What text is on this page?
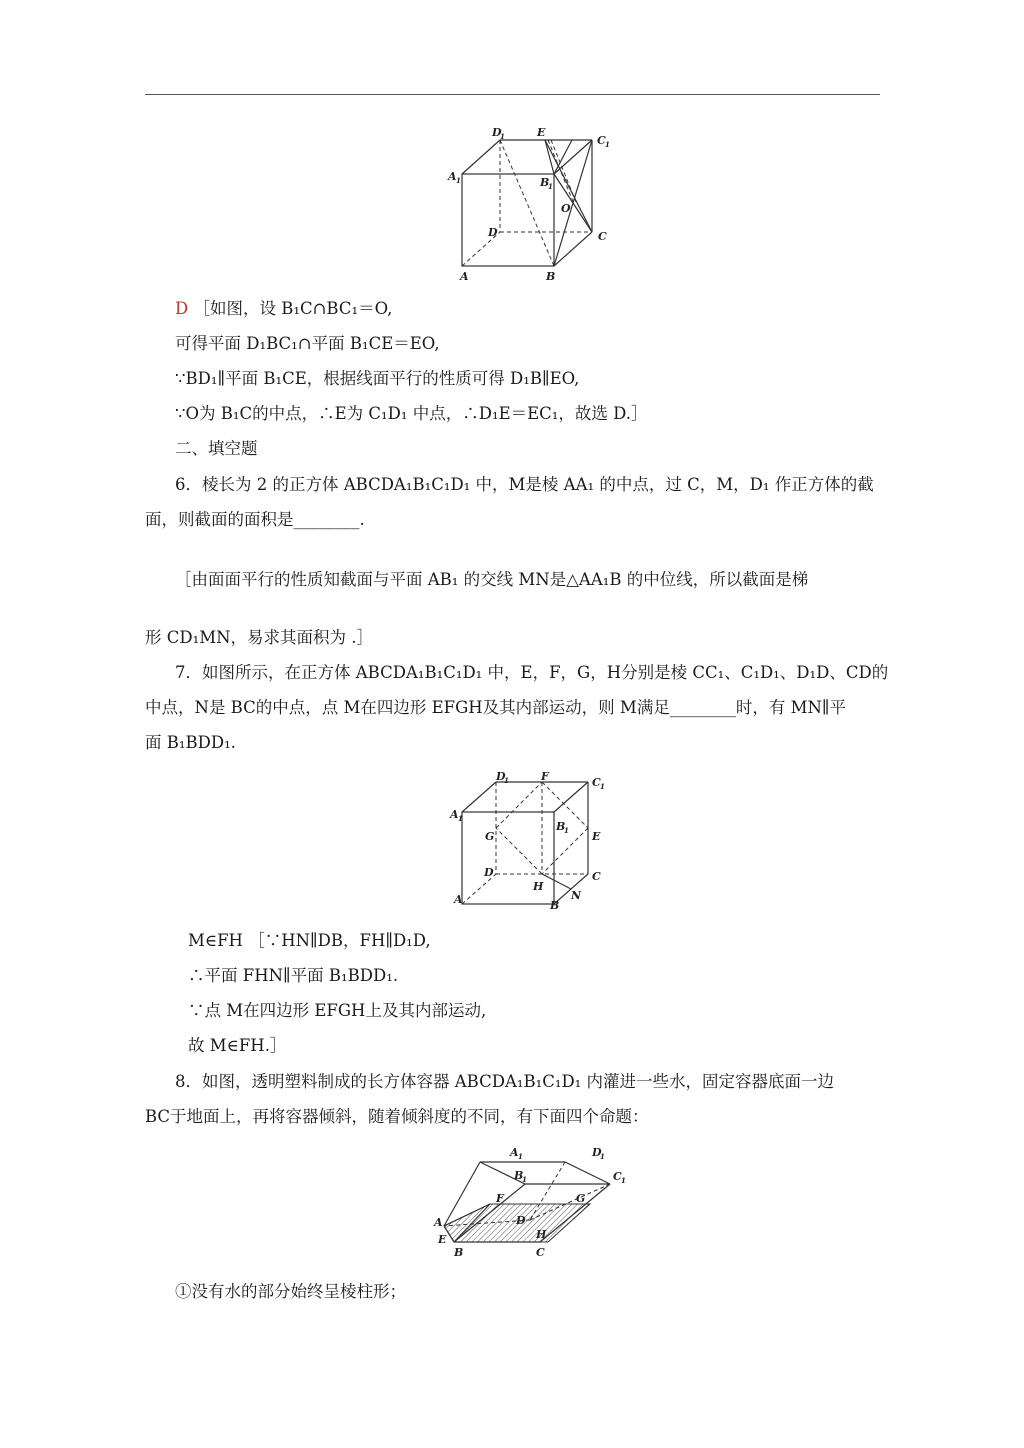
D
1	E
C 1
A 1	B
1
O
D	C
A	B
D ［如图，设 B₁C∩BC₁＝O,
可得平面 D₁BC₁∩平面 B₁CE＝EO,
∵BD₁∥平面 B₁CE，根据线面平行的性质可得 D₁B∥EO,
∵O为 B₁C的中点，∴E为 C₁D₁ 中点，∴D₁E＝EC₁，故选 D.］
二、填空题
6．棱长为 2 的正方体 ABCDA₁B₁C₁D₁ 中，M是棱 AA₁ 的中点，过 C，M，D₁ 作正方体的截
面，则截面的面积是________.
［由面面平行的性质知截面与平面 AB₁ 的交线 MN是△AA₁B 的中位线，所以截面是梯
形 CD₁MN，易求其面积为 .］
7．如图所示，在正方体 ABCDA₁B₁C₁D₁ 中，E，F，G，H分别是棱 CC₁、C₁D₁、D₁D、CD的
中点，N是 BC的中点，点 M在四边形 EFGH及其内部运动，则 M满足________时，有 MN∥平
面 B₁BDD₁.
D
1	F	C 1
A 1
G
B
1 E
D
H
C
A	B
N
M∈FH ［∵HN∥DB，FH∥D₁D,
∴平面 FHN∥平面 B₁BDD₁.
∵点 M在四边形 EFGH上及其内部运动,
故 M∈FH.］
8．如图，透明塑料制成的长方体容器 ABCDA₁B₁C₁D₁ 内灌进一些水，固定容器底面一边
BC于地面上，再将容器倾斜，随着倾斜度的不同，有下面四个命题：
A 1	D
1
B
1	C 1
F	G
A	D
E	H
B	C
①没有水的部分始终呈棱柱形；
